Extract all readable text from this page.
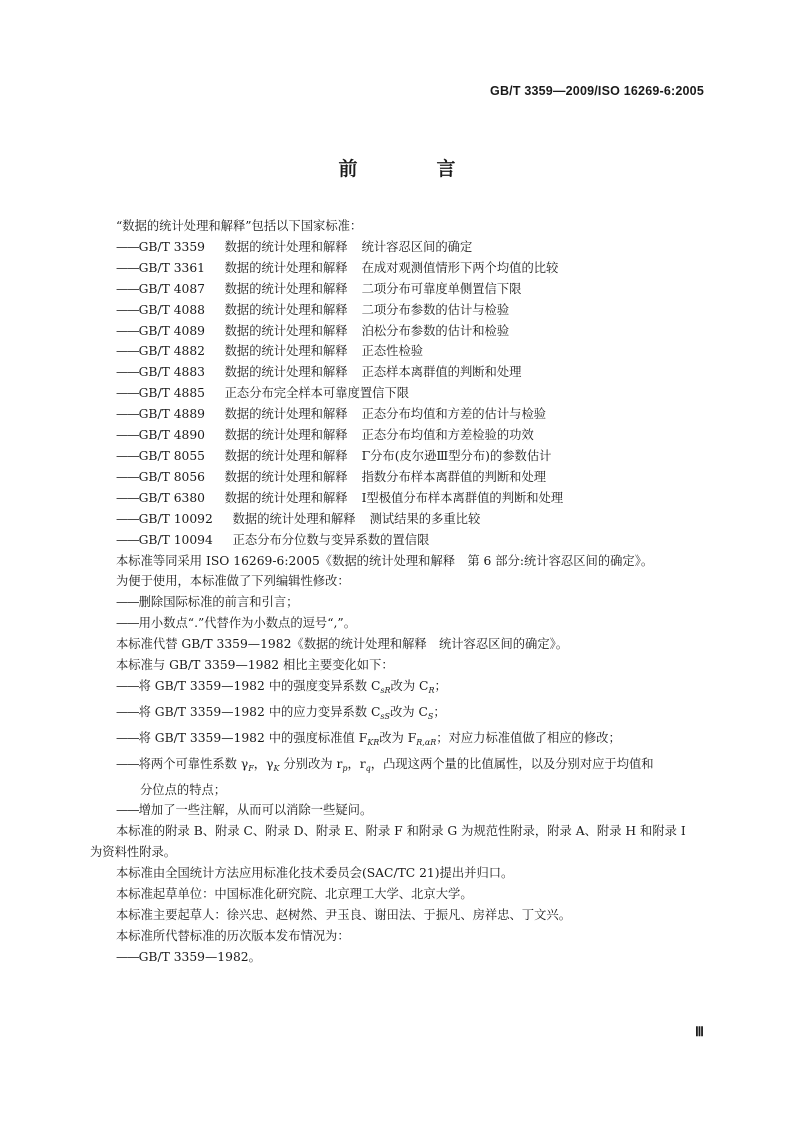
GB/T 3359—2009/ISO 16269-6:2005
前　言

“数据的统计处理和解释”包括以下国家标准：

——GB/T 3359 数据的统计处理和解释 统计容忍区间的确定

——GB/T 3361 数据的统计处理和解释 在成对观测值情形下两个均值的比较

——GB/T 4087 数据的统计处理和解释 二项分布可靠度单侧置信下限

——GB/T 4088 数据的统计处理和解释 二项分布参数的估计与检验

——GB/T 4089 数据的统计处理和解释 泊松分布参数的估计和检验

——GB/T 4882 数据的统计处理和解释 正态性检验

——GB/T 4883 数据的统计处理和解释 正态样本离群值的判断和处理

——GB/T 4885 正态分布完全样本可靠度置信下限

——GB/T 4889 数据的统计处理和解释 正态分布均值和方差的估计与检验

——GB/T 4890 数据的统计处理和解释 正态分布均值和方差检验的功效

——GB/T 8055 数据的统计处理和解释 Γ分布(皮尔逊Ⅲ型分布)的参数估计

——GB/T 8056 数据的统计处理和解释 指数分布样本离群值的判断和处理

——GB/T 6380 数据的统计处理和解释 Ⅰ型极值分布样本离群值的判断和处理

——GB/T 10092 数据的统计处理和解释 测试结果的多重比较

——GB/T 10094 正态分布分位数与变异系数的置信限

本标准等同采用 ISO 16269-6:2005《数据的统计处理和解释　第 6 部分:统计容忍区间的确定》。

为便于使用，本标准做了下列编辑性修改：

——删除国际标准的前言和引言；

——用小数点“.”代替作为小数点的逗号“,”。

本标准代替 GB/T 3359—1982《数据的统计处理和解释　统计容忍区间的确定》。

本标准与 GB/T 3359—1982 相比主要变化如下：

——将 GB/T 3359—1982 中的强度变异系数 $C_{sR}$改为 $C_R$；

——将 GB/T 3359—1982 中的应力变异系数 $C_{sS}$改为 $C_S$；

——将 GB/T 3359—1982 中的强度标准值 $F_{KR}$改为 $F_{R,\alpha R}$；对应力标准值做了相应的修改；

——将两个可靠性系数 $\gamma_F$，$\gamma_K$ 分别改为 $r_p$，$r_q$，凸现这两个量的比值属性，以及分别对应于均值和

分位点的特点；

——增加了一些注解，从而可以消除一些疑问。

本标准的附录 B、附录 C、附录 D、附录 E、附录 F 和附录 G 为规范性附录，附录 A、附录 H 和附录 I

为资料性附录。

本标准由全国统计方法应用标准化技术委员会(SAC/TC 21)提出并归口。

本标准起草单位：中国标准化研究院、北京理工大学、北京大学。

本标准主要起草人：徐兴忠、赵树然、尹玉良、谢田法、于振凡、房祥忠、丁文兴。

本标准所代替标准的历次版本发布情况为：

——GB/T 3359—1982。

Ⅲ
